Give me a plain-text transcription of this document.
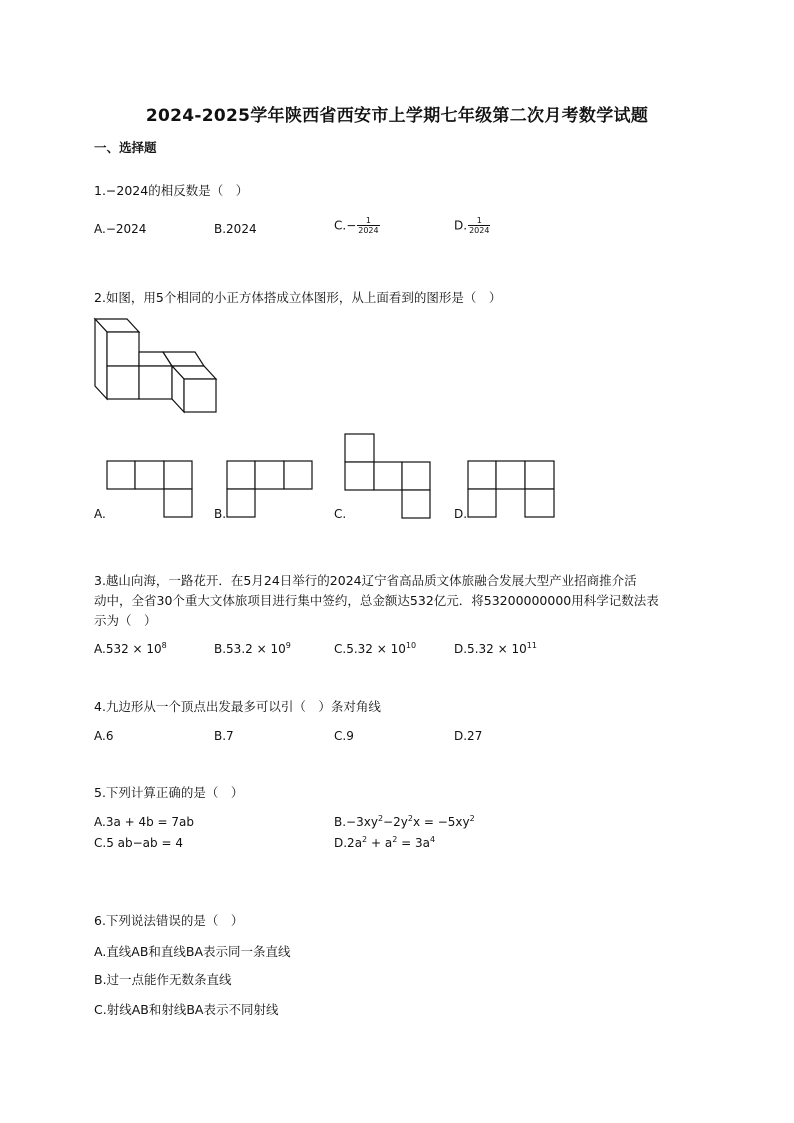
2024-2025学年陕西省西安市上学期七年级第二次月考数学试题
一、选择题
1.−2024的相反数是（　）
A.−2024	B.2024	$C.- \frac{1}{2024}$	D. $\frac{1}{2024}$
2.如图，用5个相同的小正方体搭成立体图形，从上面看到的图形是（　）
A.	B.	C.	D.
3.越山向海，一路花开．在5月24日举行的2024辽宁省高品质文体旅融合发展大型产业招商推介活
动中，全省30个重大文体旅项目进行集中签约，总金额达532亿元．将53200000000用科学记数法表
示为（　）
$A.532 \times 10^8$	$B.53.2 \times 10^9$	$C.5.32 \times 10^{10}$	$D.5.32 \times 10^{11}$
4.九边形从一个顶点出发最多可以引（　）条对角线
A.6	B.7	C.9	D.27
5.下列计算正确的是（　）
A.3a + 4b = 7ab	$B.-3xy^2-2y^2x = -5xy^2$
C.5 ab−ab = 4	$D.2a^2 + a^2 = 3a^4$
6.下列说法错误的是（　）
A.直线AB和直线BA表示同一条直线
B.过一点能作无数条直线
C.射线AB和射线BA表示不同射线
